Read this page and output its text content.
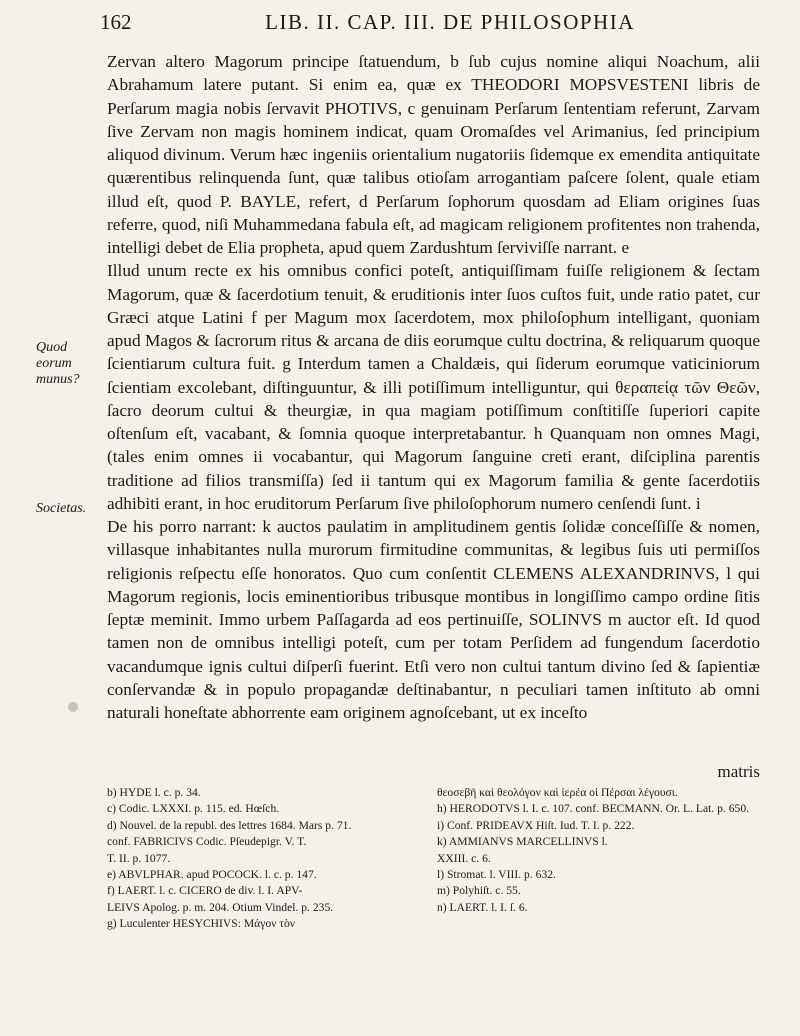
162	LIB. II. CAP. III. DE PHILOSOPHIA
Quod eorum munus?
Societas.

Zervan altero Magorum principe ſtatuendum, b ſub cujus nomine aliqui Noachum, alii Abrahamum latere putant. Si enim ea, quæ ex THEODORI MOPSVESTENI libris de Perſarum magia nobis ſervavit PHOTIVS, c genuinam Perſarum ſententiam referunt, Zarvam ſive Zervam non magis hominem indicat, quam Oromaſdes vel Arimanius, ſed principium aliquod divinum. Verum hæc ingeniis orientalium nugatoriis ſidemque ex emendita antiquitate quærentibus relinquenda ſunt, quæ talibus otioſam arrogantiam paſcere ſolent, quale etiam illud eſt, quod P. BAYLE, refert, d Perſarum ſophorum quosdam ad Eliam origines ſuas referre, quod, niſi Muhammedana fabula eſt, ad magicam religionem profitentes non trahenda, intelligi debet de Elia propheta, apud quem Zardushtum ſerviviſſe narrant. e

Illud unum recte ex his omnibus confici poteſt, antiquiſſimam fuiſſe religionem & ſectam Magorum, quæ & ſacerdotium tenuit, & eruditionis inter ſuos cuſtos fuit, unde ratio patet, cur Græci atque Latini f per Magum mox ſacerdotem, mox philoſophum intelligant, quoniam apud Magos & ſacrorum ritus & arcana de diis eorumque cultu doctrina, & reliquarum quoque ſcientiarum cultura fuit. g Interdum tamen a Chaldæis, qui ſiderum eorumque vaticiniorum ſcientiam excolebant, diſtinguuntur, & illi potiſſimum intelliguntur, qui θεραπείᾳ τῶν Θεῶν, ſacro deorum cultui & theurgiæ, in qua magiam potiſſimum conſtitiſſe ſuperiori capite oſtenſum eſt, vacabant, & ſomnia quoque interpretabantur. h Quanquam non omnes Magi, (tales enim omnes ii vocabantur, qui Magorum ſanguine creti erant, diſciplina parentis traditione ad filios transmiſſa) ſed ii tantum qui ex Magorum familia & gente ſacerdotiis adhibiti erant, in hoc eruditorum Perſarum ſive philoſophorum numero cenſendi ſunt. i

De his porro narrant: k auctos paulatim in amplitudinem gentis ſolidæ conceſſiſſe & nomen, villasque inhabitantes nulla murorum firmitudine communitas, & legibus ſuis uti permiſſos religionis reſpectu eſſe honoratos. Quo cum conſentit CLEMENS ALEXANDRINVS, l qui Magorum regionis, locis eminentioribus tribusque montibus in longiſſimo campo ordine ſitis ſeptæ meminit. Immo urbem Paſſagarda ad eos pertinuiſſe, SOLINVS m auctor eſt. Id quod tamen non de omnibus intelligi poteſt, cum per totam Perſidem ad fungendum ſacerdotio vacandumque ignis cultui diſperſi fuerint. Etſi vero non cultui tantum divino ſed & ſapientiæ conſervandæ & in populo propagandæ deſtinabantur, n peculiari tamen inſtituto ab omni naturali honeſtate abhorrente eam originem agnoſcebant, ut ex inceſto

matris
b) HYDE l. c. p. 34.
c) Codic. LXXXI. p. 115. ed. Hœſch.
d) Nouvel. de la republ. des lettres 1684. Mars p. 71.
conf. FABRICIVS Codic. Pſeudepigr. V. T.
T. II. p. 1077.
e) ABVLPHAR. apud POCOCK. l. c. p. 147.
f) LAERT. l. c. CICERO de div. l. I. APV-
LEIVS Apolog. p. m. 204. Otium Vindel. p. 235.
g) Luculenter HESYCHIVS: Μάγον τὸν
θεοσεβῆ καὶ θεολόγον καὶ ἱερέα οἱ Πέρσαι λέγουσι.
h) HERODOTVS l. I. c. 107. conf. BECMANN. Or. L. Lat. p. 650.
i) Conf. PRIDEAVX Hiſt. Iud. T. I. p. 222.
k) AMMIANVS MARCELLINVS l.
XXIII. c. 6.
l) Stromat. l. VIII. p. 632.
m) Polyhiſt. c. 55.
n) LAERT. l. I. ſ. 6.
